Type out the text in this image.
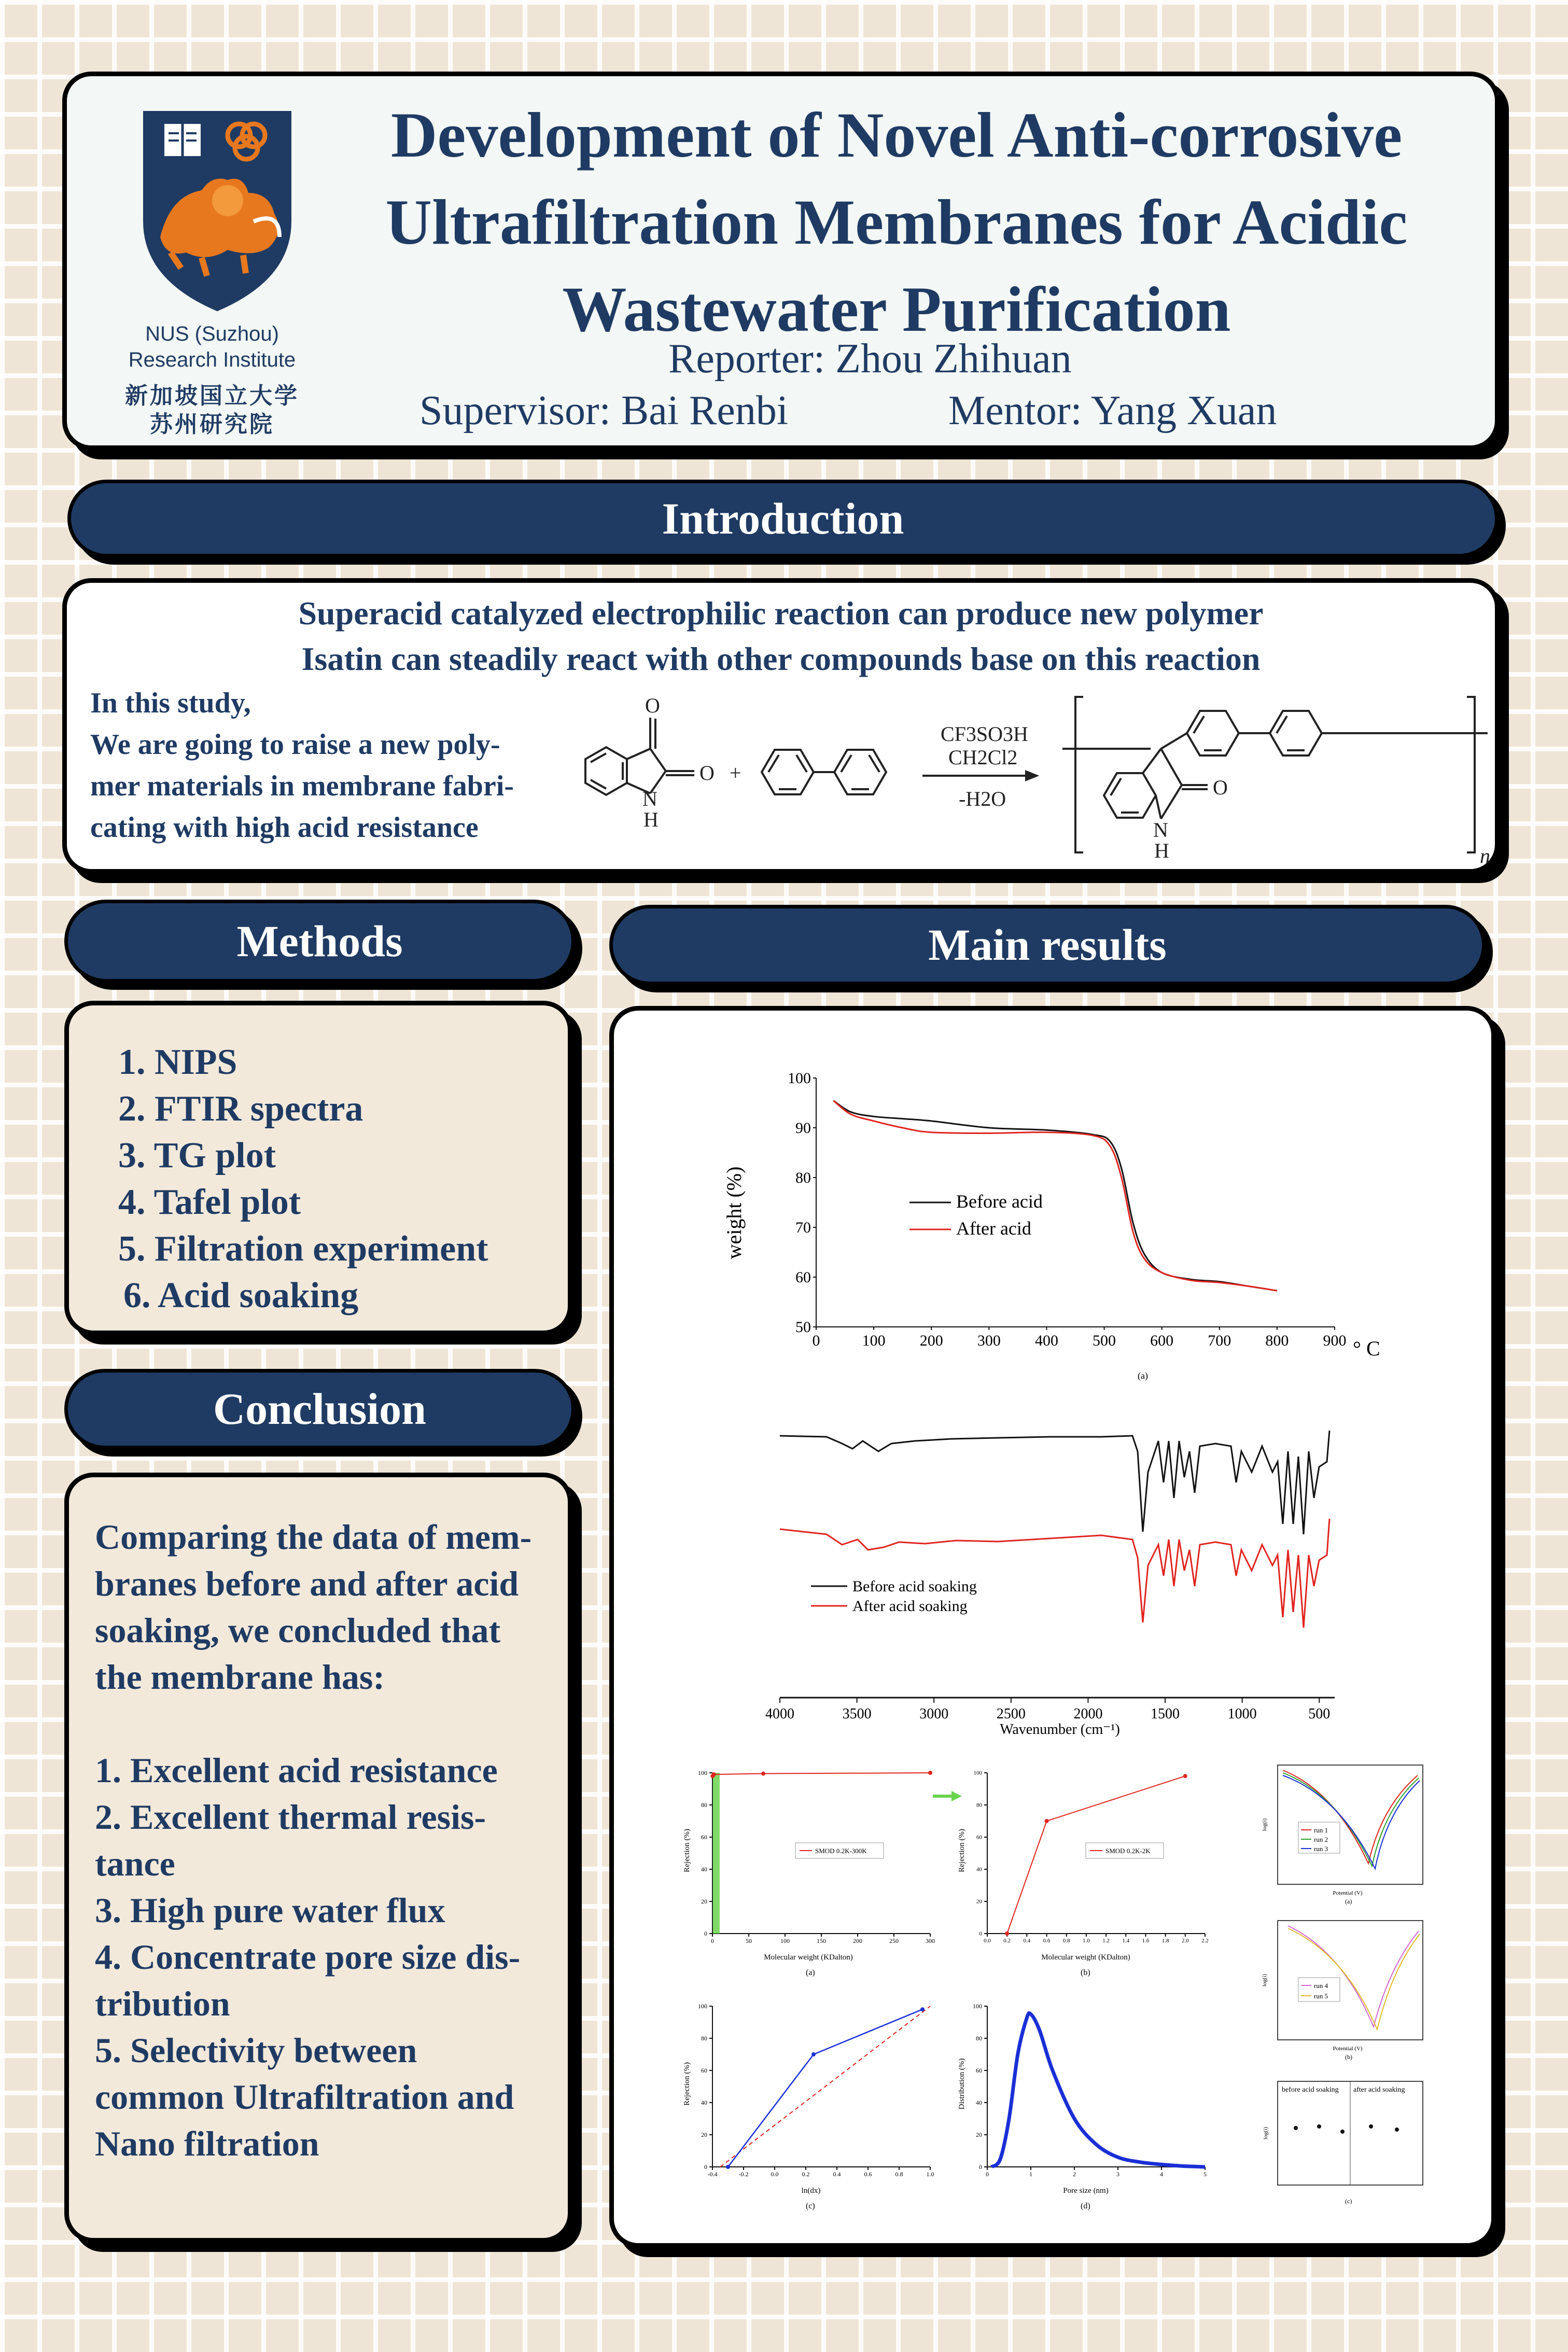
NUS (Suzhou)
Research Institute
新加坡国立大学
苏州研究院
Development of Novel Anti-corrosive
Ultrafiltration Membranes for Acidic
Wastewater Purification
Reporter: Zhou Zhihuan
Supervisor: Bai Renbi	Mentor: Yang Xuan
Introduction
Superacid catalyzed electrophilic reaction can produce new polymer
Isatin can steadily react with other compounds base on this reaction
In this study,
We are going to raise a new poly-
mer materials in membrane fabri-
cating with high acid resistance
O
O
N
H
+
CF3SO3H
CH2Cl2
-H2O	O
N
H	n
Methods
1. NIPS
2. FTIR spectra
3. TG plot
4. Tafel plot
5. Filtration experiment
6. Acid soaking
Conclusion
Comparing the data of mem-
branes before and after acid
soaking, we concluded that
the membrane has:
1. Excellent acid resistance
2. Excellent thermal resis-
tance
3. High pure water flux
4. Concentrate pore size dis-
tribution
5. Selectivity between
common Ultrafiltration and
Nano filtration
Main results
weight (%)
° C
(a)
0	100 200 300 400 500 600 700 800 900
50
60
70
80
90
100
Before acid
After acid
Before acid soaking
After acid soaking
Wavenumber (cm⁻¹)
4000	3500	3000	2500	2000	1500	1000	500
Rejection (%)
Molecular weight (KDalton)
(a)
0	50	100	150	200	250	300
0
20
40
60
80
100
SMOD 0.2K-300K	Rejection (%)
Molecular weight (KDalton)
(b)
0.0 0.2 0.4 0.6 0.8 1.0 1.2 1.4 1.6 1.8 2.0 2.2
0
20
40
60
80
100
SMOD 0.2K-2K
run 1
run 2
run 3
log(i)
Potential (V)
(a)
run 4
run 5
log(i)
Potential (V)
(b)
before acid soaking after acid soaking
log(i)
(c)
Rejection (%)
ln(dx)
(c)
-0.4	-0.2	0.0	0.2	0.4	0.6	0.8	1.0
0
20
40
60
80
100
Distribution (%)
Pore size (nm)
(d)
0	1	2	3	4	5
0
20
40
60
80
100
